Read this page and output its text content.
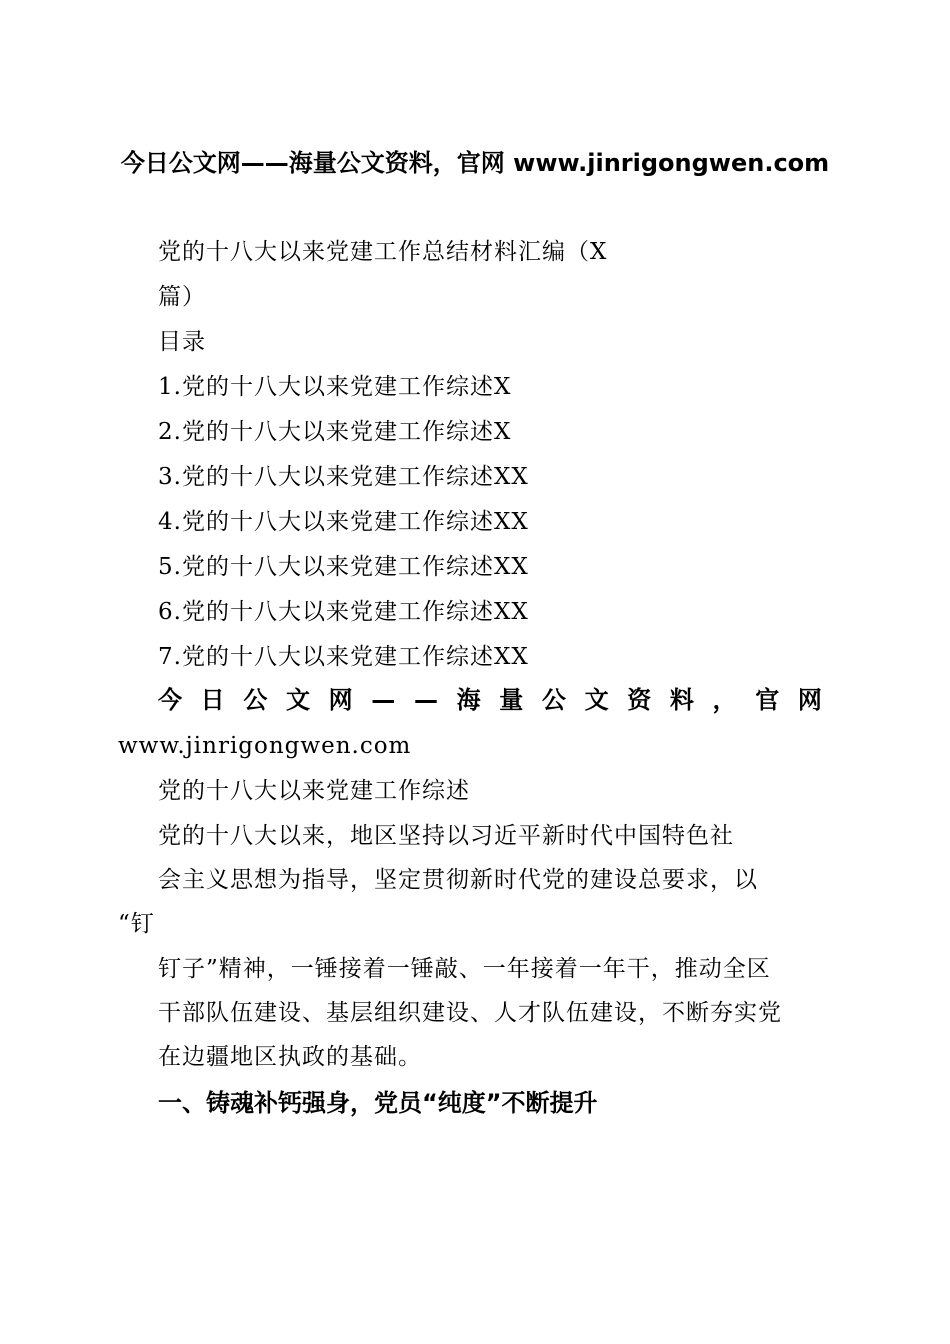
今日公文网——海量公文资料，官网 www.jinrigongwen.com
党的十八大以来党建工作总结材料汇编（X
篇）
目录
1.党的十八大以来党建工作综述X
2.党的十八大以来党建工作综述X
3.党的十八大以来党建工作综述XX
4.党的十八大以来党建工作综述XX
5.党的十八大以来党建工作综述XX
6.党的十八大以来党建工作综述XX
7.党的十八大以来党建工作综述XX
今 日 公 文 网 — — 海 量 公 文 资 料 ， 官 网
www.jinrigongwen.com
党的十八大以来党建工作综述
党的十八大以来，地区坚持以习近平新时代中国特色社
会主义思想为指导，坚定贯彻新时代党的建设总要求，以
“钉
钉子”精神，一锤接着一锤敲、一年接着一年干，推动全区
干部队伍建设、基层组织建设、人才队伍建设，不断夯实党
在边疆地区执政的基础。
一、铸魂补钙强身，党员“纯度”不断提升
